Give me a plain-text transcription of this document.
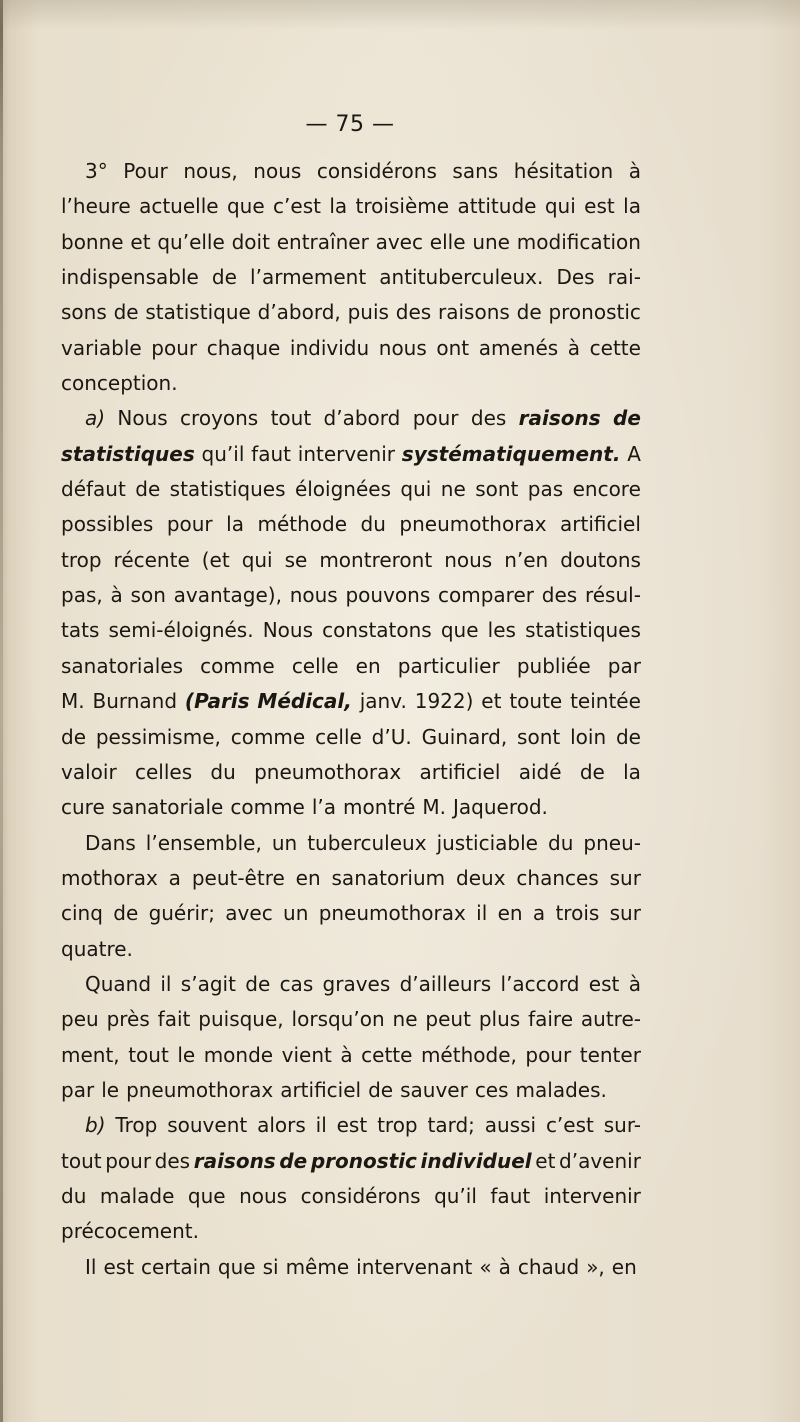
— 75 —
3° Pour nous, nous considérons sans hésitation à
l’heure actuelle que c’est la troisième attitude qui est la
bonne et qu’elle doit entraîner avec elle une modification
indispensable de l’armement antituberculeux. Des rai-
sons de statistique d’abord, puis des raisons de pronostic
variable pour chaque individu nous ont amenés à cette
conception.
a) Nous croyons tout d’abord pour des raisons de
statistiques qu’il faut intervenir systématiquement. A
défaut de statistiques éloignées qui ne sont pas encore
possibles pour la méthode du pneumothorax artificiel
trop récente (et qui se montreront nous n’en doutons
pas, à son avantage), nous pouvons comparer des résul-
tats semi-éloignés. Nous constatons que les statistiques
sanatoriales comme celle en particulier publiée par
M. Burnand (Paris Médical, janv. 1922) et toute teintée
de pessimisme, comme celle d’U. Guinard, sont loin de
valoir celles du pneumothorax artificiel aidé de la
cure sanatoriale comme l’a montré M. Jaquerod.
Dans l’ensemble, un tuberculeux justiciable du pneu-
mothorax a peut-être en sanatorium deux chances sur
cinq de guérir; avec un pneumothorax il en a trois sur
quatre.
Quand il s’agit de cas graves d’ailleurs l’accord est à
peu près fait puisque, lorsqu’on ne peut plus faire autre-
ment, tout le monde vient à cette méthode, pour tenter
par le pneumothorax artificiel de sauver ces malades.
b) Trop souvent alors il est trop tard; aussi c’est sur-
tout pour des raisons de pronostic individuel et d’avenir
du malade que nous considérons qu’il faut intervenir
précocement.
Il est certain que si même intervenant « à chaud », en
